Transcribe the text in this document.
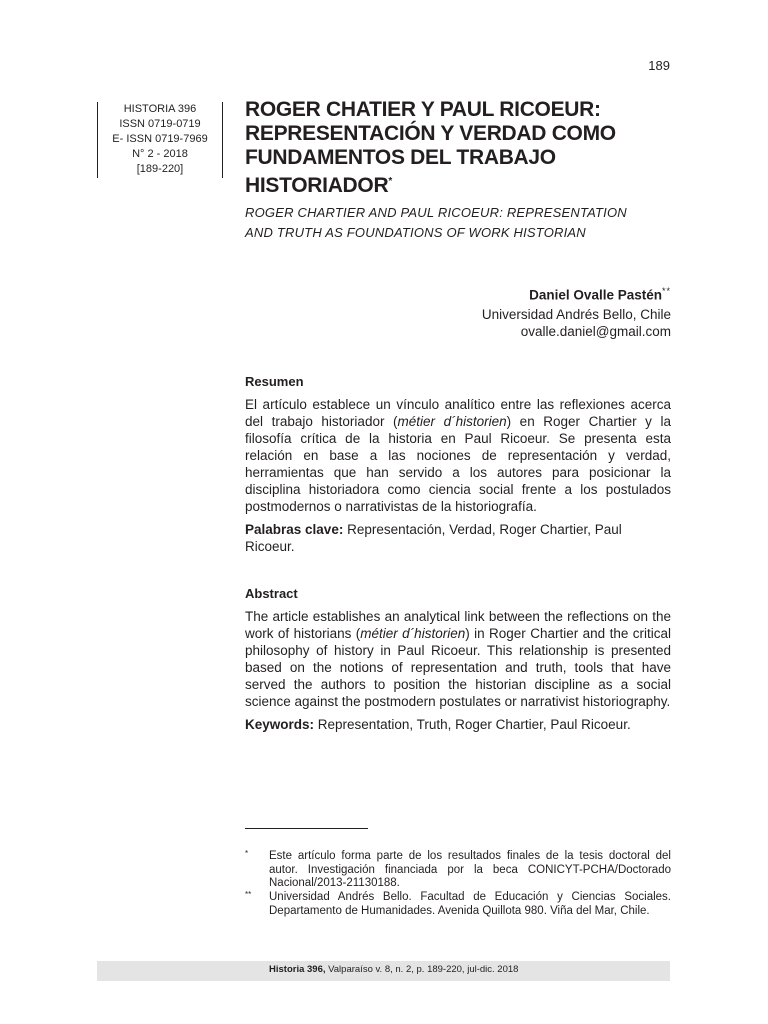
189
HISTORIA 396
ISSN 0719-0719
E- ISSN 0719-7969
N° 2 - 2018
[189-220]
ROGER CHATIER Y PAUL RICOEUR: REPRESENTACIÓN Y VERDAD COMO FUNDAMENTOS DEL TRABAJO HISTORIADOR*
ROGER CHARTIER AND PAUL RICOEUR: REPRESENTATION
AND TRUTH AS FOUNDATIONS OF WORK HISTORIAN
Daniel Ovalle Pastén**
Universidad Andrés Bello, Chile
ovalle.daniel@gmail.com
Resumen

El artículo establece un vínculo analítico entre las reflexiones acerca del trabajo historiador (métier d´historien) en Roger Chartier y la filosofía crítica de la historia en Paul Ricoeur. Se presenta esta relación en base a las nociones de representación y verdad, herramientas que han servido a los autores para posicionar la disciplina historiadora como ciencia social frente a los postulados postmodernos o narrativistas de la historiografía.

Palabras clave: Representación, Verdad, Roger Chartier, Paul Ricoeur.

Abstract

The article establishes an analytical link between the reflections on the work of historians (métier d´historien) in Roger Chartier and the critical philosophy of history in Paul Ricoeur. This relationship is presented based on the notions of representation and truth, tools that have served the authors to position the historian discipline as a social science against the postmodern postulates or narrativist historiography.

Keywords: Representation, Truth, Roger Chartier, Paul Ricoeur.

* Este artículo forma parte de los resultados finales de la tesis doctoral del autor. Investigación financiada por la beca CONICYT-PCHA/Doctorado Nacional/2013-21130188.
** Universidad Andrés Bello. Facultad de Educación y Ciencias Sociales. Departamento de Humanidades. Avenida Quillota 980. Viña del Mar, Chile.
Historia 396, Valparaíso v. 8, n. 2, p. 189-220, jul-dic. 2018
